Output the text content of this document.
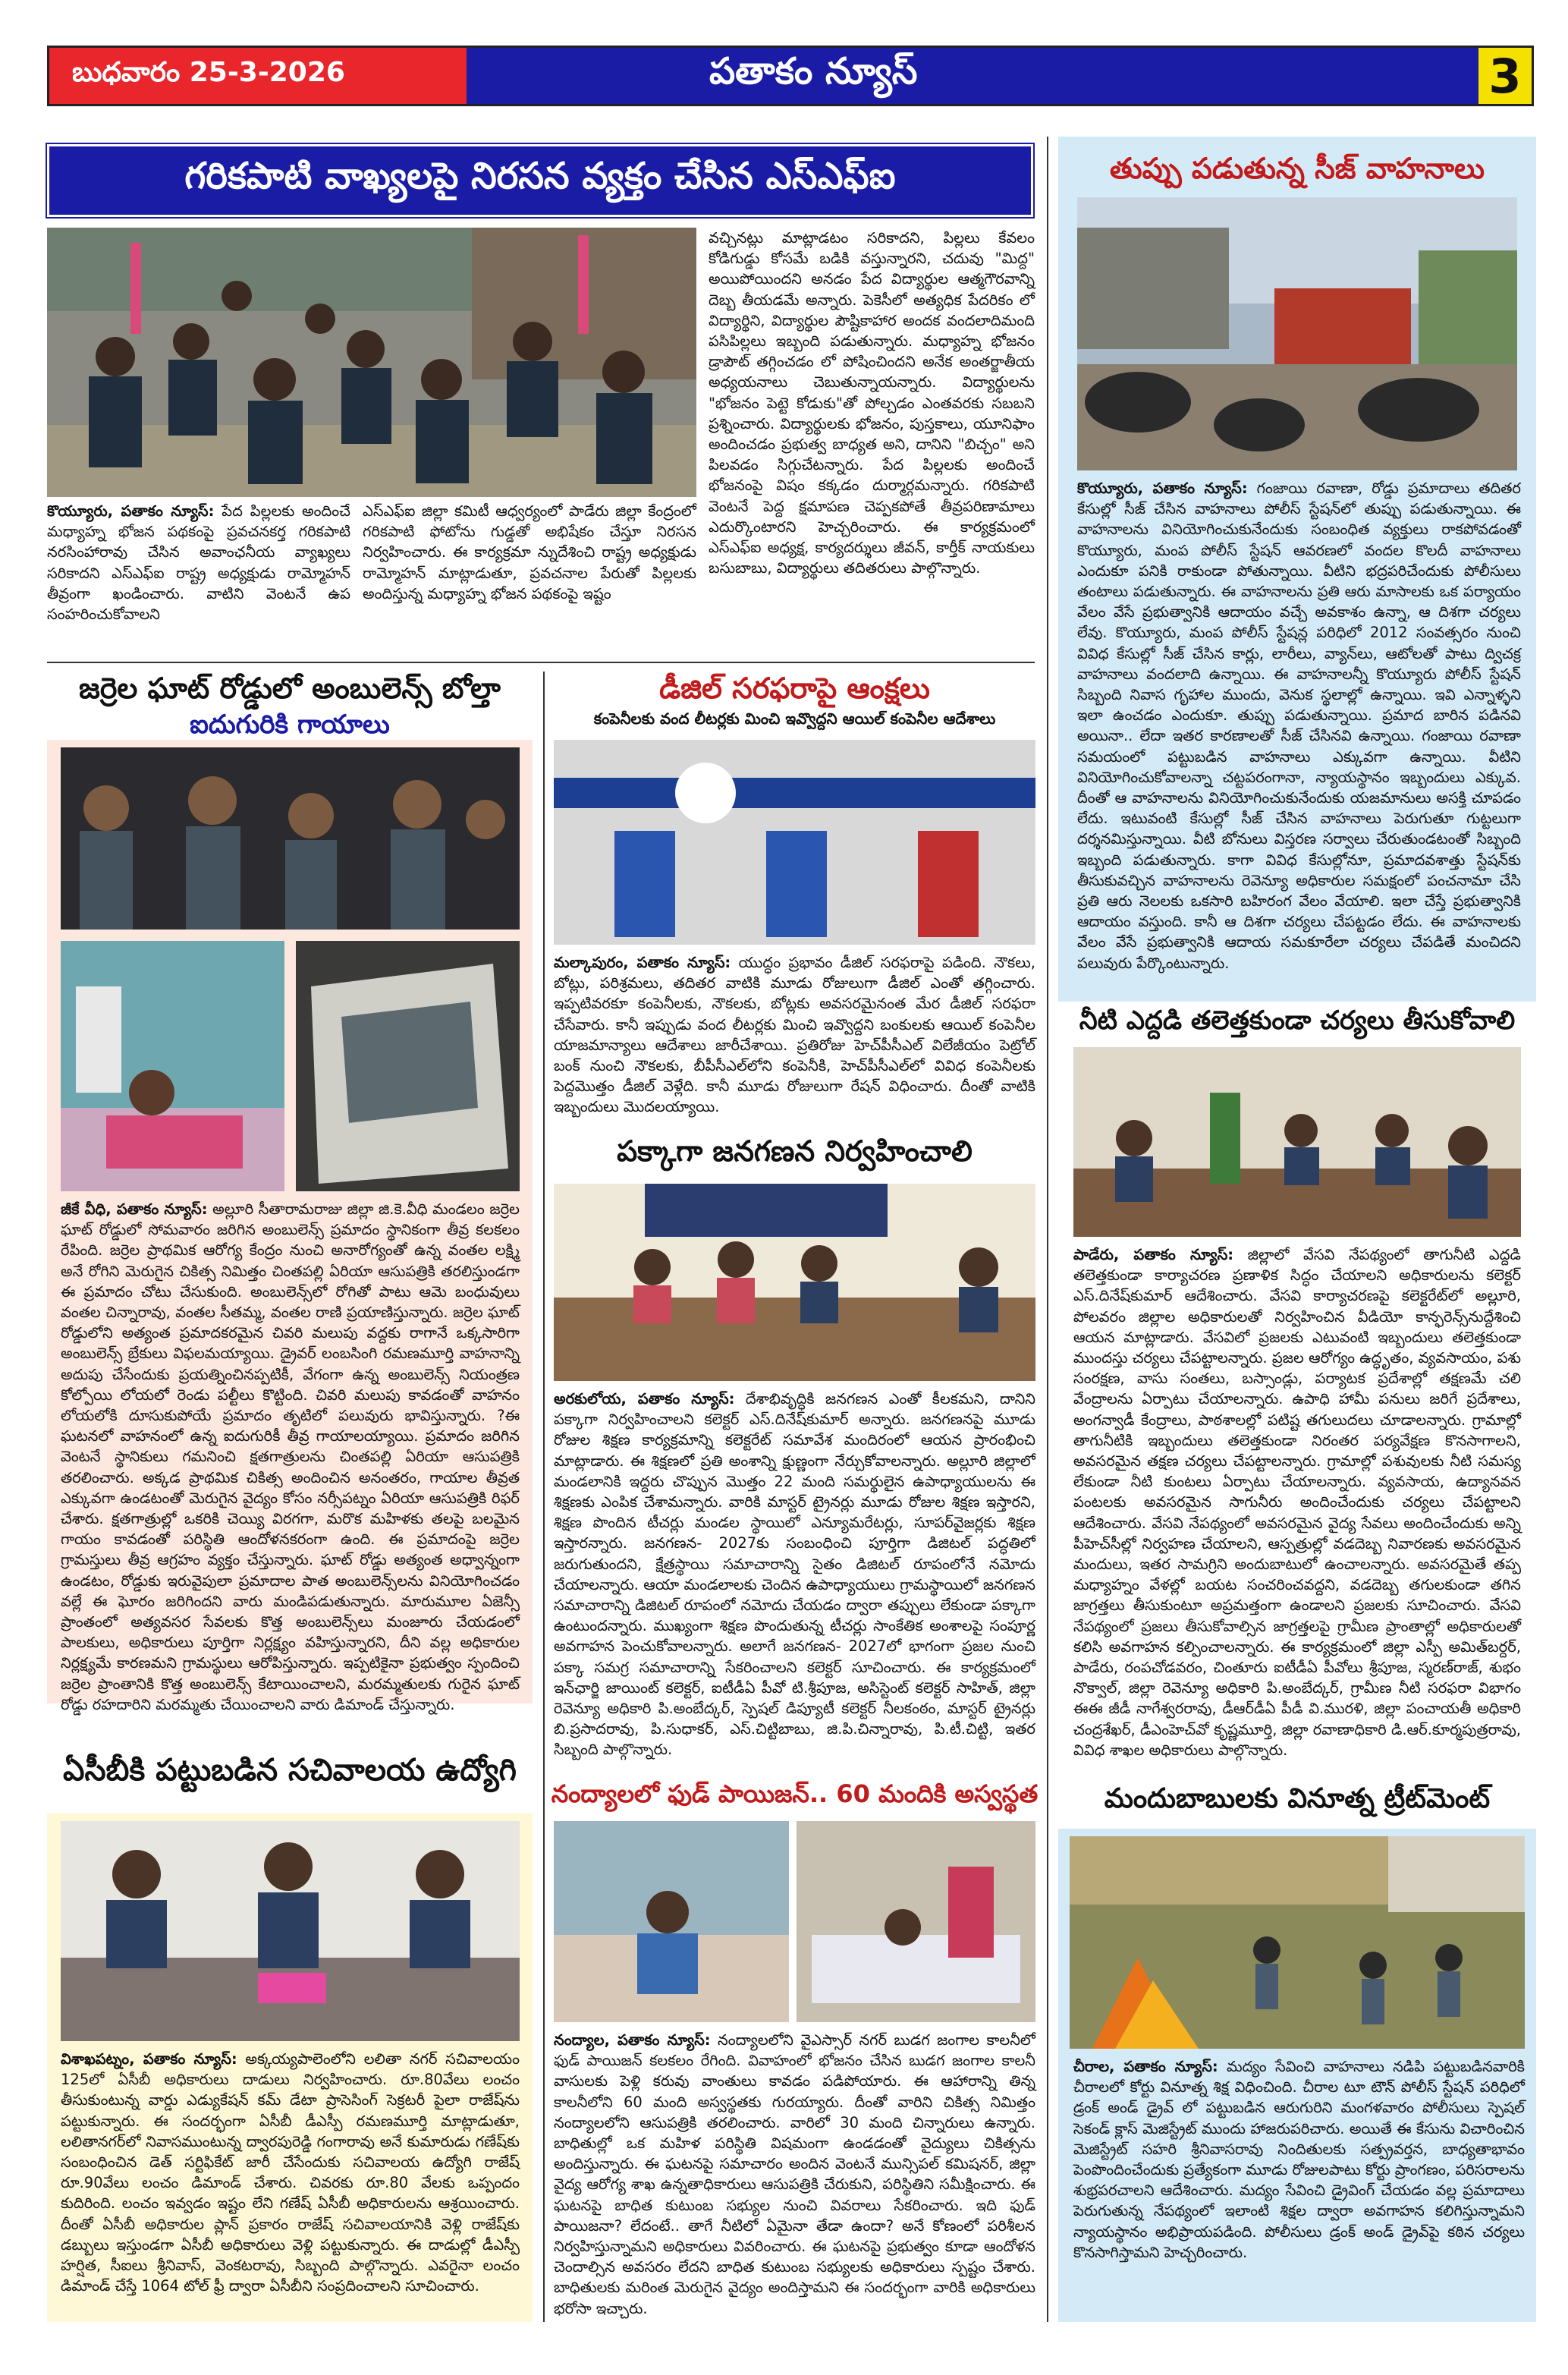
బుధవారం 25-3-2026	పతాకం న్యూస్	3
గరికపాటి వాఖ్యలపై నిరసన వ్యక్తం చేసిన ఎస్ఎఫ్ఐ

కొయ్యూరు, పతాకం న్యూస్: పేద పిల్లలకు అందించే మధ్యాహ్న భోజన పథకంపై ప్రవచనకర్త గరికపాటి నరసింహారావు చేసిన అవాంఛనీయ వ్యాఖ్యలు సరికాదని ఎస్ఎఫ్ఐ రాష్ట్ర అధ్యక్షుడు రామ్మోహన్ తీవ్రంగా ఖండించారు. వాటిని వెంటనే ఉప సంహరించుకోవాలని

ఎస్ఎఫ్ఐ జిల్లా కమిటీ ఆధ్వర్యంలో పాడేరు జిల్లా కేంద్రంలో గరికపాటి ఫోటోను గుడ్డతో అభిషేకం చేస్తూ నిరసన నిర్వహించారు. ఈ కార్యక్రమా న్నుదేశించి రాష్ట్ర అధ్యక్షుడు రామ్మోహన్ మాట్లాడుతూ, ప్రవచనాల పేరుతో పిల్లలకు అందిస్తున్న మధ్యాహ్న భోజన పథకంపై ఇష్టం

వచ్చినట్లు మాట్లాడటం సరికాదని, పిల్లలు కేవలం కోడిగుడ్డు కోసమే బడికి వస్తున్నారని, చదువు "మిద్ద" అయిపోయిందని అనడం పేద విద్యార్థుల ఆత్మగౌరవాన్ని దెబ్బ తీయడమే అన్నారు. పెకెసీలో అత్యధిక పేదరికం లో విద్యార్థిని, విద్యార్థుల పౌష్టికాహార అందక వందలాదిమంది పసిపిల్లలు ఇబ్బంది పడుతున్నారు. మధ్యాహ్న భోజనం డ్రాపౌట్ తగ్గించడం లో పోషించిందని అనేక అంతర్జాతీయ అధ్యయనాలు చెబుతున్నాయన్నారు. విద్యార్థులను "భోజనం పెట్టె కోడుకు"తో పోల్చడం ఎంతవరకు సబబని ప్రశ్నించారు. విద్యార్థులకు భోజనం, పుస్తకాలు, యూనిఫాం అందించడం ప్రభుత్వ బాధ్యత అని, దానిని "బిచ్చం" అని పిలవడం సిగ్గుచేటన్నారు. పేద పిల్లలకు అందించే భోజనంపై విషం కక్కడం దుర్మార్గమన్నారు. గరికపాటి వెంటనే పెద్ద క్షమాపణ చెప్పకపోతే తీవ్రపరిణామాలు ఎదుర్కొంటారని హెచ్చరించారు. ఈ కార్యక్రమంలో ఎస్ఎఫ్ఐ అధ్యక్ష, కార్యదర్శులు జీవన్, కార్తీక్ నాయకులు బసుబాబు, విద్యార్థులు తదితరులు పాల్గొన్నారు.

తుప్పు పడుతున్న సీజ్ వాహనాలు

కొయ్యూరు, పతాకం న్యూస్: గంజాయి రవాణా, రోడ్డు ప్రమాదాలు తదితర కేసుల్లో సీజ్ చేసిన వాహనాలు పోలీస్ స్టేషన్‌లో తుప్పు పడుతున్నాయి. ఈ వాహనాలను వినియోగించుకునేందుకు సంబంధిత వ్యక్తులు రాకపోవడంతో కొయ్యూరు, మంప పోలీస్ స్టేషన్ ఆవరణలో వందల కొలదీ వాహనాలు ఎందుకూ పనికి రాకుండా పోతున్నాయి. వీటిని భద్రపరిచేందుకు పోలీసులు తంటాలు పడుతున్నారు. ఈ వాహనాలను ప్రతి ఆరు మాసాలకు ఒక పర్యాయం వేలం వేసే ప్రభుత్వానికి ఆదాయం వచ్చే అవకాశం ఉన్నా, ఆ దిశగా చర్యలు లేవు. కొయ్యూరు, మంప పోలీస్ స్టేషన్ల పరిధిలో 2012 సంవత్సరం నుంచి వివిధ కేసుల్లో సీజ్ చేసిన కార్లు, లారీలు, వ్యాన్‌లు, ఆటోలతో పాటు ద్విచక్ర వాహనాలు వందలాది ఉన్నాయి. ఈ వాహనాలన్నీ కొయ్యూరు పోలీస్ స్టేషన్ సిబ్బంది నివాస గృహాల ముందు, వెనుక స్థలాల్లో ఉన్నాయి. ఇవి ఎన్నాళ్ళని ఇలా ఉంచడం ఎందుకూ. తుప్పు పడుతున్నాయి. ప్రమాద బారిన పడినవి అయినా.. లేదా ఇతర కారణాలతో సీజ్ చేసినవి ఉన్నాయి. గంజాయి రవాణా సమయంలో పట్టుబడిన వాహనాలు ఎక్కువగా ఉన్నాయి. వీటిని వినియోగించుకోవాలన్నా చట్టపరంగానా, న్యాయస్థానం ఇబ్బందులు ఎక్కువ. దీంతో ఆ వాహనాలను వినియోగించుకునేందుకు యజమానులు అసక్తి చూపడం లేదు. ఇటువంటి కేసుల్లో సీజ్ చేసిన వాహనాలు పెరుగుతూ గుట్టలుగా దర్శనమిస్తున్నాయి. వీటి బోనులు విస్తరణ సర్వాలు చేరుతుండటంతో సిబ్బంది ఇబ్బంది పడుతున్నారు. కాగా వివిధ కేసుల్లోనూ, ప్రమాదవశాత్తు స్టేషన్‌కు తీసుకువచ్చిన వాహనాలను రెవెన్యూ అధికారుల సమక్షంలో పంచనామా చేసి ప్రతి ఆరు నెలలకు ఒకసారి బహిరంగ వేలం వేయాలి. ఇలా చేస్తే ప్రభుత్వానికి ఆదాయం వస్తుంది. కానీ ఆ దిశగా చర్యలు చేపట్టడం లేదు. ఈ వాహనాలకు వేలం వేసే ప్రభుత్వానికి ఆదాయ సమకూరేలా చర్యలు చేపడితే మంచిదని పలువురు పేర్కొంటున్నారు.

జర్రెల ఘాట్ రోడ్డులో అంబులెన్స్ బోల్తా
ఐదుగురికి గాయాలు

జీకే వీధి, పతాకం న్యూస్: అల్లూరి సీతారామరాజు జిల్లా జి.కె.వీధి మండలం జర్రెల ఘాట్ రోడ్డులో సోమవారం జరిగిన అంబులెన్స్ ప్రమాదం స్థానికంగా తీవ్ర కలకలం రేపింది. జర్రెల ప్రాథమిక ఆరోగ్య కేంద్రం నుంచి అనారోగ్యంతో ఉన్న వంతల లక్ష్మి అనే రోగిని మెరుగైన చికిత్స నిమిత్తం చింతపల్లి ఏరియా ఆసుపత్రికి తరలిస్తుండగా ఈ ప్రమాదం చోటు చేసుకుంది. అంబులెన్స్‌లో రోగితో పాటు ఆమె బంధువులు వంతల చిన్నారావు, వంతల సీతమ్మ, వంతల రాణి ప్రయాణిస్తున్నారు. జర్రెల ఘాట్ రోడ్డులోని అత్యంత ప్రమాదకరమైన చివరి మలుపు వద్దకు రాగానే ఒక్కసారిగా అంబులెన్స్ బ్రేకులు విఫలమయ్యాయి. డ్రైవర్ లంబసింగి రమణమూర్తి వాహనాన్ని అదుపు చేసేందుకు ప్రయత్నించినప్పటికీ, వేగంగా ఉన్న అంబులెన్స్ నియంత్రణ కోల్పోయి లోయలో రెండు పల్టీలు కొట్టింది. చివరి మలుపు కావడంతో వాహనం లోయలోకి దూసుకుపోయే ప్రమాదం తృటిలో పలువురు భావిస్తున్నారు. ?ఈ ఘటనలో వాహనంలో ఉన్న ఐదుగురికీ తీవ్ర గాయాలయ్యాయి. ప్రమాదం జరిగిన వెంటనే స్థానికులు గమనించి క్షతగాత్రులను చింతపల్లి ఏరియా ఆసుపత్రికి తరలించారు. అక్కడ ప్రాథమిక చికిత్స అందించిన అనంతరం, గాయాల తీవ్రత ఎక్కువగా ఉండటంతో మెరుగైన వైద్యం కోసం నర్సీపట్నం ఏరియా ఆసుపత్రికి రిఫర్ చేశారు. క్షతగాత్రుల్లో ఒకరికి చెయ్యి విరగగా, మరొక మహిళకు తలపై బలమైన గాయం కావడంతో పరిస్థితి ఆందోళనకరంగా ఉంది. ఈ ప్రమాదంపై జర్రెల గ్రామస్తులు తీవ్ర ఆగ్రహం వ్యక్తం చేస్తున్నారు. ఘాట్ రోడ్డు అత్యంత అధ్వాన్నంగా ఉండటం, రోడ్డుకు ఇరువైపులా ప్రమాదాల పాత అంబులెన్స్‌లను వినియోగించడం వల్లే ఈ ఘోరం జరిగిందని వారు మండిపడుతున్నారు. మారుమూల ఏజెన్సీ ప్రాంతంలో అత్యవసర సేవలకు కొత్త అంబులెన్స్‌లు మంజూరు చేయడంలో పాలకులు, అధికారులు పూర్తిగా నిర్లక్ష్యం వహిస్తున్నారని, దీని వల్ల అధికారుల నిర్లక్ష్యమే కారణమని గ్రామస్థులు ఆరోపిస్తున్నారు. ఇప్పటికైనా ప్రభుత్వం స్పందించి జర్రెల ప్రాంతానికి కొత్త అంబులెన్స్ కేటాయించాలని, మరమ్మతులకు గురైన ఘాట్ రోడ్డు రహదారిని మరమ్మతు చేయించాలని వారు డిమాండ్ చేస్తున్నారు.

ఏసీబీకి పట్టుబడిన సచివాలయ ఉద్యోగి

విశాఖపట్నం, పతాకం న్యూస్: అక్కయ్యపాలెంలోని లలితా నగర్ సచివాలయం 125లో ఏసీబీ అధికారులు దాడులు నిర్వహించారు. రూ.80వేలు లంచం తీసుకుంటున్న వార్డు ఎడ్యుకేషన్ కమ్ డేటా ప్రాసెసింగ్ సెక్రటరీ పైలా రాజేష్‌ను పట్టుకున్నారు. ఈ సందర్భంగా ఏసీబీ డీఎస్పీ రమణమూర్తి మాట్లాడుతూ, లలితానగర్‌లో నివాసముంటున్న ద్వారపురెడ్డి గంగారావు అనే కుమారుడు గణేష్‌కు సంబంధించిన డెత్ సర్టిఫికేట్ జారీ చేసేందుకు సచివాలయ ఉద్యోగి రాజేష్ రూ.90వేలు లంచం డిమాండ్ చేశారు. చివరకు రూ.80 వేలకు ఒప్పందం కుదిరింది. లంచం ఇవ్వడం ఇష్టం లేని గణేష్ ఏసీబీ అధికారులను ఆశ్రయించారు. దీంతో ఏసీబీ అధికారుల ప్లాన్ ప్రకారం రాజేష్ సచివాలయానికి వెళ్లి రాజేష్‌కు డబ్బులు ఇస్తుండగా ఏసీబీ అధికారులు వెళ్లి పట్టుకున్నారు. ఈ దాడుల్లో డీఎస్పీ హర్షిత, సీఐలు శ్రీనివాస్, వెంకటరావు, సిబ్బంది పాల్గొన్నారు. ఎవరైనా లంచం డిమాండ్ చేస్తే 1064 టోల్ ఫ్రీ ద్వారా ఏసీబీని సంప్రదించాలని సూచించారు.

డీజిల్ సరఫరాపై ఆంక్షలు
కంపెనీలకు వంద లీటర్లకు మించి ఇవ్వొద్దని ఆయిల్ కంపెనీల ఆదేశాలు

మల్కాపురం, పతాకం న్యూస్: యుద్ధం ప్రభావం డీజిల్ సరఫరాపై పడింది. నౌకలు, బోట్లు, పరిశ్రమలు, తదితర వాటికి మూడు రోజులుగా డీజిల్ ఎంతో తగ్గించారు. ఇప్పటివరకూ కంపెనీలకు, నౌకలకు, బోట్లకు అవసరమైనంత మేర డీజిల్ సరఫరా చేసేవారు. కానీ ఇప్పుడు వంద లీటర్లకు మించి ఇవ్వొద్దని బంకులకు ఆయిల్ కంపెనీల యాజమాన్యాలు ఆదేశాలు జారీచేశాయి. ప్రతిరోజు హెచ్‌పీసీఎల్ విలేజీయం పెట్రోల్ బంక్ నుంచి నౌకలకు, బీపీసీఎల్‌లోని కంపెనీకి, హెచ్‌పీసీఎల్‌లో వివిధ కంపెనీలకు పెద్దమొత్తం డీజిల్ వెళ్లేది. కానీ మూడు రోజులుగా రేషన్ విధించారు. దీంతో వాటికి ఇబ్బందులు మొదలయ్యాయి.

పక్కాగా జనగణన నిర్వహించాలి

అరకులోయ, పతాకం న్యూస్: దేశాభివృద్ధికి జనగణన ఎంతో కీలకమని, దానిని పక్కాగా నిర్వహించాలని కలెక్టర్ ఎస్.దినేష్‌కుమార్ అన్నారు. జనగణనపై మూడు రోజుల శిక్షణ కార్యక్రమాన్ని కలెక్టరేట్ సమావేశ మందిరంలో ఆయన ప్రారంభించి మాట్లాడారు. ఈ శిక్షణలో ప్రతి అంశాన్ని క్షుణ్ణంగా నేర్చుకోవాలన్నారు. అల్లూరి జిల్లాలో మండలానికి ఇద్దరు చొప్పున మొత్తం 22 మంది సమర్థులైన ఉపాధ్యాయులను ఈ శిక్షణకు ఎంపిక చేశామన్నారు. వారికి మాస్టర్ ట్రైనర్లు మూడు రోజుల శిక్షణ ఇస్తారని, శిక్షణ పొందిన టీచర్లు మండల స్థాయిలో ఎన్యూమరేటర్లు, సూపర్‌వైజర్లకు శిక్షణ ఇస్తారన్నారు. జనగణన- 2027కు సంబంధించి పూర్తిగా డిజిటల్ పద్ధతిలో జరుగుతుందని, క్షేత్రస్థాయి సమాచారాన్ని సైతం డిజిటల్ రూపంలోనే నమోదు చేయాలన్నారు. ఆయా మండలాలకు చెందిన ఉపాధ్యాయులు గ్రామస్థాయిలో జనగణన సమాచారాన్ని డిజిటల్ రూపంలో నమోదు చేయడం ద్వారా తప్పులు లేకుండా పక్కాగా ఉంటుందన్నారు. ముఖ్యంగా శిక్షణ పొందుతున్న టీచర్లు సాంకేతిక అంశాలపై సంపూర్ణ అవగాహన పెంచుకోవాలన్నారు. అలాగే జనగణన- 2027లో భాగంగా ప్రజల నుంచి పక్కా సమగ్ర సమాచారాన్ని సేకరించాలని కలెక్టర్ సూచించారు. ఈ కార్యక్రమంలో ఇన్‌ఛార్జి జాయింట్ కలెక్టర్, ఐటీడీఏ పీవో టి.శ్రీపూజ, అసిస్టెంట్ కలెక్టర్ సాహిత్, జిల్లా రెవెన్యూ అధికారి పి.అంబేద్కర్, స్పెషల్ డిప్యూటీ కలెక్టర్ నీలకంఠం, మాస్టర్ ట్రైనర్లు బి.ప్రసాదరావు, పి.సుధాకర్, ఎస్.చిట్టిబాబు, జి.పి.చిన్నారావు, పి.టీ.చిట్టి, ఇతర సిబ్బంది పాల్గొన్నారు.

నంద్యాలలో ఫుడ్ పాయిజన్.. 60 మందికి అస్వస్థత

నంద్యాల, పతాకం న్యూస్: నంద్యాలలోని వైఎస్సార్ నగర్ బుడగ జంగాల కాలనీలో ఫుడ్ పాయిజన్ కలకలం రేగింది. వివాహంలో భోజనం చేసిన బుడగ జంగాల కాలనీ వాసులకు పెళ్లి కరువు వాంతులు కావడం పడిపోయారు. ఈ ఆహారాన్ని తిన్న కాలనీలోని 60 మంది అస్వస్థతకు గురయ్యారు. దీంతో వారిని చికిత్స నిమిత్తం నంద్యాలలోని ఆసుపత్రికి తరలించారు. వారిలో 30 మంది చిన్నారులు ఉన్నారు. బాధితుల్లో ఒక మహిళ పరిస్థితి విషమంగా ఉండడంతో వైద్యులు చికిత్సను అందిస్తున్నారు. ఈ ఘటనపై సమాచారం అందిన వెంటనే మున్సిపల్ కమిషనర్, జిల్లా వైద్య ఆరోగ్య శాఖ ఉన్నతాధికారులు ఆసుపత్రికి చేరుకుని, పరిస్థితిని సమీక్షించారు. ఈ ఘటనపై బాధిత కుటుంబ సభ్యుల నుంచి వివరాలు సేకరించారు. ఇది ఫుడ్ పాయిజనా? లేదంటే.. తాగే నీటిలో ఏమైనా తేడా ఉందా? అనే కోణంలో పరిశీలన నిర్వహిస్తున్నామని అధికారులు వివరించారు. ఈ ఘటనపై ప్రభుత్వం కూడా ఆందోళన చెందాల్సిన అవసరం లేదని బాధిత కుటుంబ సభ్యులకు అధికారులు స్పష్టం చేశారు. బాధితులకు మరింత మెరుగైన వైద్యం అందిస్తామని ఈ సందర్భంగా వారికి అధికారులు భరోసా ఇచ్చారు.

నీటి ఎద్దడి తలెత్తకుండా చర్యలు తీసుకోవాలి

పాడేరు, పతాకం న్యూస్: జిల్లాలో వేసవి నేపథ్యంలో తాగునీటి ఎద్దడి తలెత్తకుండా కార్యాచరణ ప్రణాళిక సిద్ధం చేయాలని అధికారులను కలెక్టర్ ఎస్.దినేష్‌కుమార్ ఆదేశించారు. వేసవి కార్యాచరణపై కలెక్టరేట్‌లో అల్లూరి, పోలవరం జిల్లాల అధికారులతో నిర్వహించిన వీడియో కాన్ఫరెన్స్‌నుద్దేశించి ఆయన మాట్లాడారు. వేసవిలో ప్రజలకు ఎటువంటి ఇబ్బందులు తలెత్తకుండా ముందస్తు చర్యలు చేపట్టాలన్నారు. ప్రజల ఆరోగ్యం ఉద్ధృతం, వ్యవసాయం, పశు సంరక్షణ, వాసు సంతలు, బస్సాండ్లు, పర్యాటక ప్రదేశాల్లో తక్షణమే చలి వేంద్రాలను ఏర్పాటు చేయాలన్నారు. ఉపాధి హామీ పనులు జరిగే ప్రదేశాలు, అంగన్వాడీ కేంద్రాలు, పాఠశాలల్లో పటిష్ట తగులుదలు చూడాలన్నారు. గ్రామాల్లో తాగునీటికి ఇబ్బందులు తలెత్తకుండా నిరంతర పర్యవేక్షణ కొనసాగాలని, అవసరమైన తక్షణ చర్యలు చేపట్టాలన్నారు. గ్రామాల్లో పశువులకు నీటి సమస్య లేకుండా నీటి కుంటలు ఏర్పాటు చేయాలన్నారు. వ్యవసాయ, ఉద్యానవన పంటలకు అవసరమైన సాగునీరు అందించేందుకు చర్యలు చేపట్టాలని ఆదేశించారు. వేసవి నేపథ్యంలో అవసరమైన వైద్య సేవలు అందించేందుకు అన్ని పీహెచ్‌సీల్లో నిర్వహణ చేయాలని, ఆస్పత్రుల్లో వడదెబ్బ నివారణకు అవసరమైన మందులు, ఇతర సామగ్రిని అందుబాటులో ఉంచాలన్నారు. అవసరమైతే తప్ప మధ్యాహ్నం వేళల్లో బయట సంచరించవద్దని, వడదెబ్బ తగులకుండా తగిన జాగ్రత్తలు తీసుకుంటూ అప్రమత్తంగా ఉండాలని ప్రజలకు సూచించారు. వేసవి నేపథ్యంలో ప్రజలు తీసుకోవాల్సిన జాగ్రత్తలపై గ్రామీణ ప్రాంతాల్లో అధికారులతో కలిసి అవగాహన కల్పించాలన్నారు. ఈ కార్యక్రమంలో జిల్లా ఎస్పీ అమిత్‌బర్దర్, పాడేరు, రంపచోడవరం, చింతూరు ఐటీడీఏ పీవోలు శ్రీపూజ, స్మరణ్‌రాజ్, శుభం నొక్వాల్, జిల్లా రెవెన్యూ అధికారి పి.అంబేద్కర్, గ్రామీణ నీటి సరఫరా విభాగం ఈఈ జీడీ నాగేశ్వరరావు, డీఆర్‌డీఏ పీడీ వి.మురళి, జిల్లా పంచాయతీ అధికారి చంద్రశేఖర్, డీఎంహెచ్‌వో కృష్ణమూర్తి, జిల్లా రవాణాధికారి డి.ఆర్.కూర్మపుత్రరావు, వివిధ శాఖల అధికారులు పాల్గొన్నారు.

మందుబాబులకు వినూత్న ట్రీట్‌మెంట్

చీరాల, పతాకం న్యూస్: మద్యం సేవించి వాహనాలు నడిపి పట్టుబడినవారికి చీరాలలో కోర్టు వినూత్న శిక్ష విధించింది. చీరాల టూ టౌన్ పోలీస్ స్టేషన్ పరిధిలో డ్రంక్ అండ్ డ్రైవ్ లో పట్టుబడిన ఆరుగురిని మంగళవారం పోలీసులు స్పెషల్ సెకండ్ క్లాస్ మెజిస్ట్రేట్ ముందు హాజరుపరిచారు. అయితే ఈ కేసును విచారించిన మెజిస్ట్రేట్ సహరి శ్రీనివాసరావు నిందితులకు సత్ప్రవర్తన, బాధ్యతాభావం పెంపొందించేందుకు ప్రత్యేకంగా మూడు రోజులపాటు కోర్టు ప్రాంగణం, పరిసరాలను శుభ్రపరచాలని ఆదేశించారు. మద్యం సేవించి డ్రైవింగ్ చేయడం వల్ల ప్రమాదాలు పెరుగుతున్న నేపథ్యంలో ఇలాంటి శిక్షల ద్వారా అవగాహన కలిగిస్తున్నామని న్యాయస్థానం అభిప్రాయపడింది. పోలీసులు డ్రంక్ అండ్ డ్రైవ్‌పై కఠిన చర్యలు కొనసాగిస్తామని హెచ్చరించారు.
